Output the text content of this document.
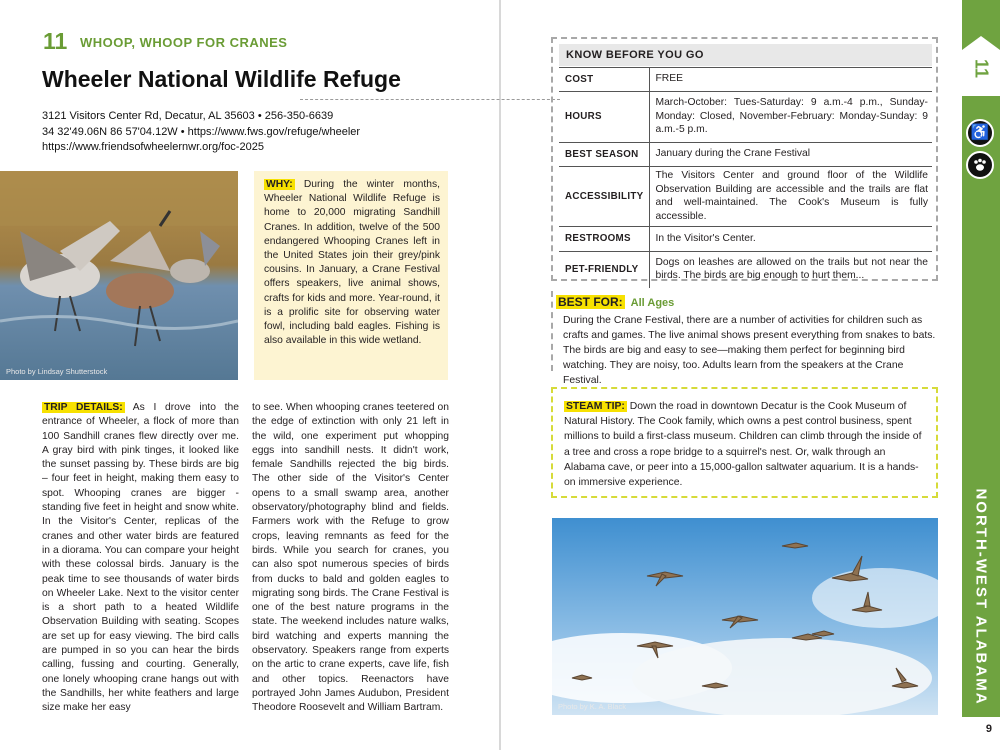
11 WHOOP, WHOOP FOR CRANES
Wheeler National Wildlife Refuge
3121 Visitors Center Rd, Decatur, AL 35603 • 256-350-6639
34 32'49.06N 86 57'04.12W • https://www.fws.gov/refuge/wheeler
https://www.friendsofwheelernwr.org/foc-2025
Photo by Lindsay Shutterstock
WHY: During the winter months, Wheeler National Wildlife Refuge is home to 20,000 migrating Sandhill Cranes. In addition, twelve of the 500 endangered Whooping Cranes left in the United States join their grey/pink cousins. In January, a Crane Festival offers speakers, live animal shows, crafts for kids and more. Year-round, it is a prolific site for observing water fowl, including bald eagles. Fishing is also available in this wide wetland.
TRIP DETAILS: As I drove into the entrance of Wheeler, a flock of more than 100 Sandhill cranes flew directly over me. A gray bird with pink tinges, it looked like the sunset passing by. These birds are big – four feet in height, making them easy to spot. Whooping cranes are bigger -standing five feet in height and snow white. In the Visitor's Center, replicas of the cranes and other water birds are featured in a diorama. You can compare your height with these colossal birds. January is the peak time to see thousands of water birds on Wheeler Lake. Next to the visitor center is a short path to a heated Wildlife Observation Building with seating. Scopes are set up for easy viewing. The bird calls are pumped in so you can hear the birds calling, fussing and courting. Generally, one lonely whooping crane hangs out with the Sandhills, her white feathers and large size make her easy
to see. When whooping cranes teetered on the edge of extinction with only 21 left in the wild, one experiment put whopping eggs into sandhill nests. It didn't work, female Sandhills rejected the big birds. The other side of the Visitor's Center opens to a small swamp area, another observatory/photography blind and fields. Farmers work with the Refuge to grow crops, leaving remnants as feed for the birds. While you search for cranes, you can also spot numerous species of birds from ducks to bald and golden eagles to migrating song birds. The Crane Festival is one of the best nature programs in the state. The weekend includes nature walks, bird watching and experts manning the observatory. Speakers range from experts on the artic to crane experts, cave life, fish and other topics. Reenactors have portrayed John James Audubon, President Theodore Roosevelt and William Bartram.
KNOW BEFORE YOU GO
COST	FREE
HOURS	March-October: Tues-Saturday: 9 a.m.-4 p.m., Sunday-Monday: Closed, November-February: Monday-Sunday: 9 a.m.-5 p.m.
BEST SEASON	January during the Crane Festival
ACCESSIBILITY	The Visitors Center and ground floor of the Wildlife Observation Building are accessible and the trails are flat and well-maintained. The Cook's Museum is fully accessible.
RESTROOMS	In the Visitor's Center.
PET-FRIENDLY	Dogs on leashes are allowed on the trails but not near the birds. The birds are big enough to hurt them...
BEST FOR: All Ages
During the Crane Festival, there are a number of activities for children such as crafts and games. The live animal shows present everything from snakes to bats. The birds are big and easy to see—making them perfect for beginning bird watching. They are noisy, too. Adults learn from the speakers at the Crane Festival.
STEAM TIP: Down the road in downtown Decatur is the Cook Museum of Natural History. The Cook family, which owns a pest control business, spent millions to build a first-class museum. Children can climb through the inside of a tree and cross a rope bridge to a squirrel's nest. Or, walk through an Alabama cave, or peer into a 15,000-gallon saltwater aquarium. It is a hands-on immersive experience.
Photo by K. A. Black
11
♿
NORTH-WEST ALABAMA
9
